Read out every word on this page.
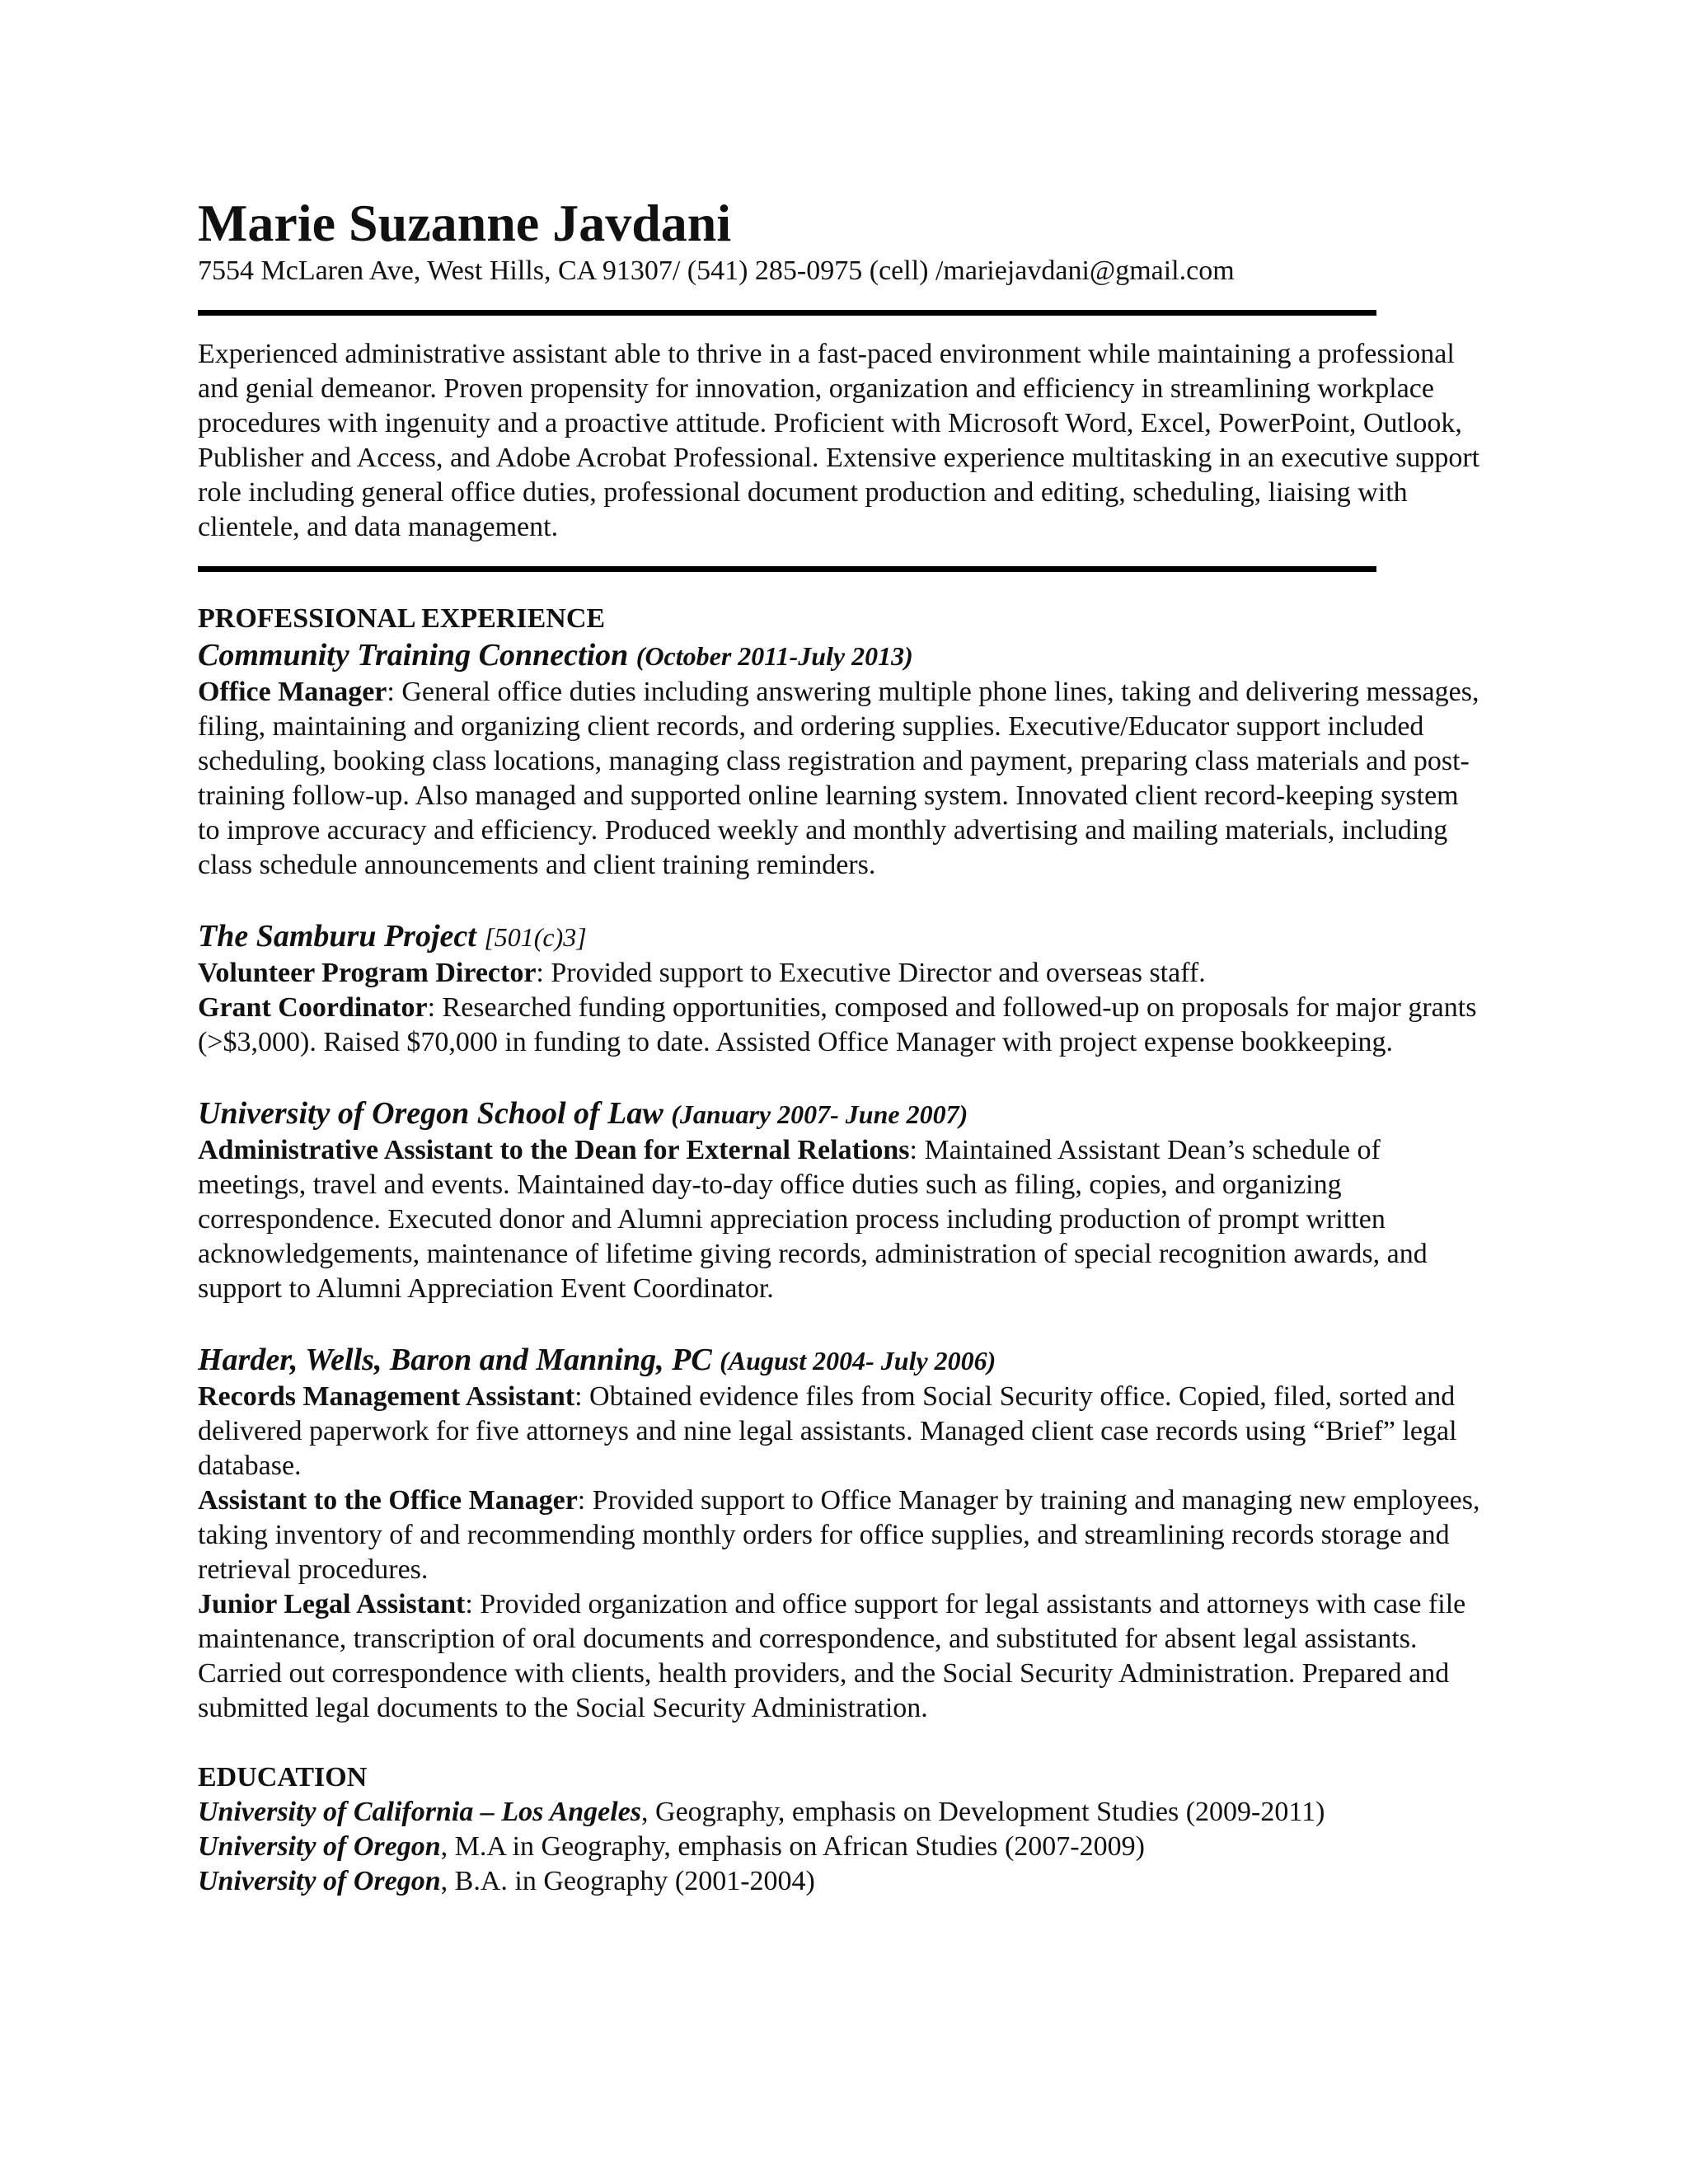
Marie Suzanne Javdani

7554 McLaren Ave, West Hills, CA 91307/ (541) 285-0975 (cell) /mariejavdani@gmail.com

Experienced administrative assistant able to thrive in a fast-paced environment while maintaining a professional and genial demeanor. Proven propensity for innovation, organization and efficiency in streamlining workplace procedures with ingenuity and a proactive attitude. Proficient with Microsoft Word, Excel, PowerPoint, Outlook, Publisher and Access, and Adobe Acrobat Professional. Extensive experience multitasking in an executive support role including general office duties, professional document production and editing, scheduling, liaising with clientele, and data management.

PROFESSIONAL EXPERIENCE

Community Training Connection (October 2011-July 2013)

Office Manager: General office duties including answering multiple phone lines, taking and delivering messages, filing, maintaining and organizing client records, and ordering supplies. Executive/Educator support included scheduling, booking class locations, managing class registration and payment, preparing class materials and post-training follow-up. Also managed and supported online learning system. Innovated client record-keeping system to improve accuracy and efficiency. Produced weekly and monthly advertising and mailing materials, including class schedule announcements and client training reminders.

The Samburu Project [501(c)3]

Volunteer Program Director: Provided support to Executive Director and overseas staff.

Grant Coordinator: Researched funding opportunities, composed and followed-up on proposals for major grants (>$3,000). Raised $70,000 in funding to date. Assisted Office Manager with project expense bookkeeping.

University of Oregon School of Law (January 2007- June 2007)

Administrative Assistant to the Dean for External Relations: Maintained Assistant Dean’s schedule of meetings, travel and events. Maintained day-to-day office duties such as filing, copies, and organizing correspondence. Executed donor and Alumni appreciation process including production of prompt written acknowledgements, maintenance of lifetime giving records, administration of special recognition awards, and support to Alumni Appreciation Event Coordinator.

Harder, Wells, Baron and Manning, PC (August 2004- July 2006)

Records Management Assistant: Obtained evidence files from Social Security office. Copied, filed, sorted and delivered paperwork for five attorneys and nine legal assistants. Managed client case records using “Brief” legal database.

Assistant to the Office Manager: Provided support to Office Manager by training and managing new employees, taking inventory of and recommending monthly orders for office supplies, and streamlining records storage and retrieval procedures.

Junior Legal Assistant: Provided organization and office support for legal assistants and attorneys with case file maintenance, transcription of oral documents and correspondence, and substituted for absent legal assistants. Carried out correspondence with clients, health providers, and the Social Security Administration. Prepared and submitted legal documents to the Social Security Administration.

EDUCATION

University of California – Los Angeles, Geography, emphasis on Development Studies (2009-2011)

University of Oregon, M.A in Geography, emphasis on African Studies (2007-2009)

University of Oregon, B.A. in Geography (2001-2004)
